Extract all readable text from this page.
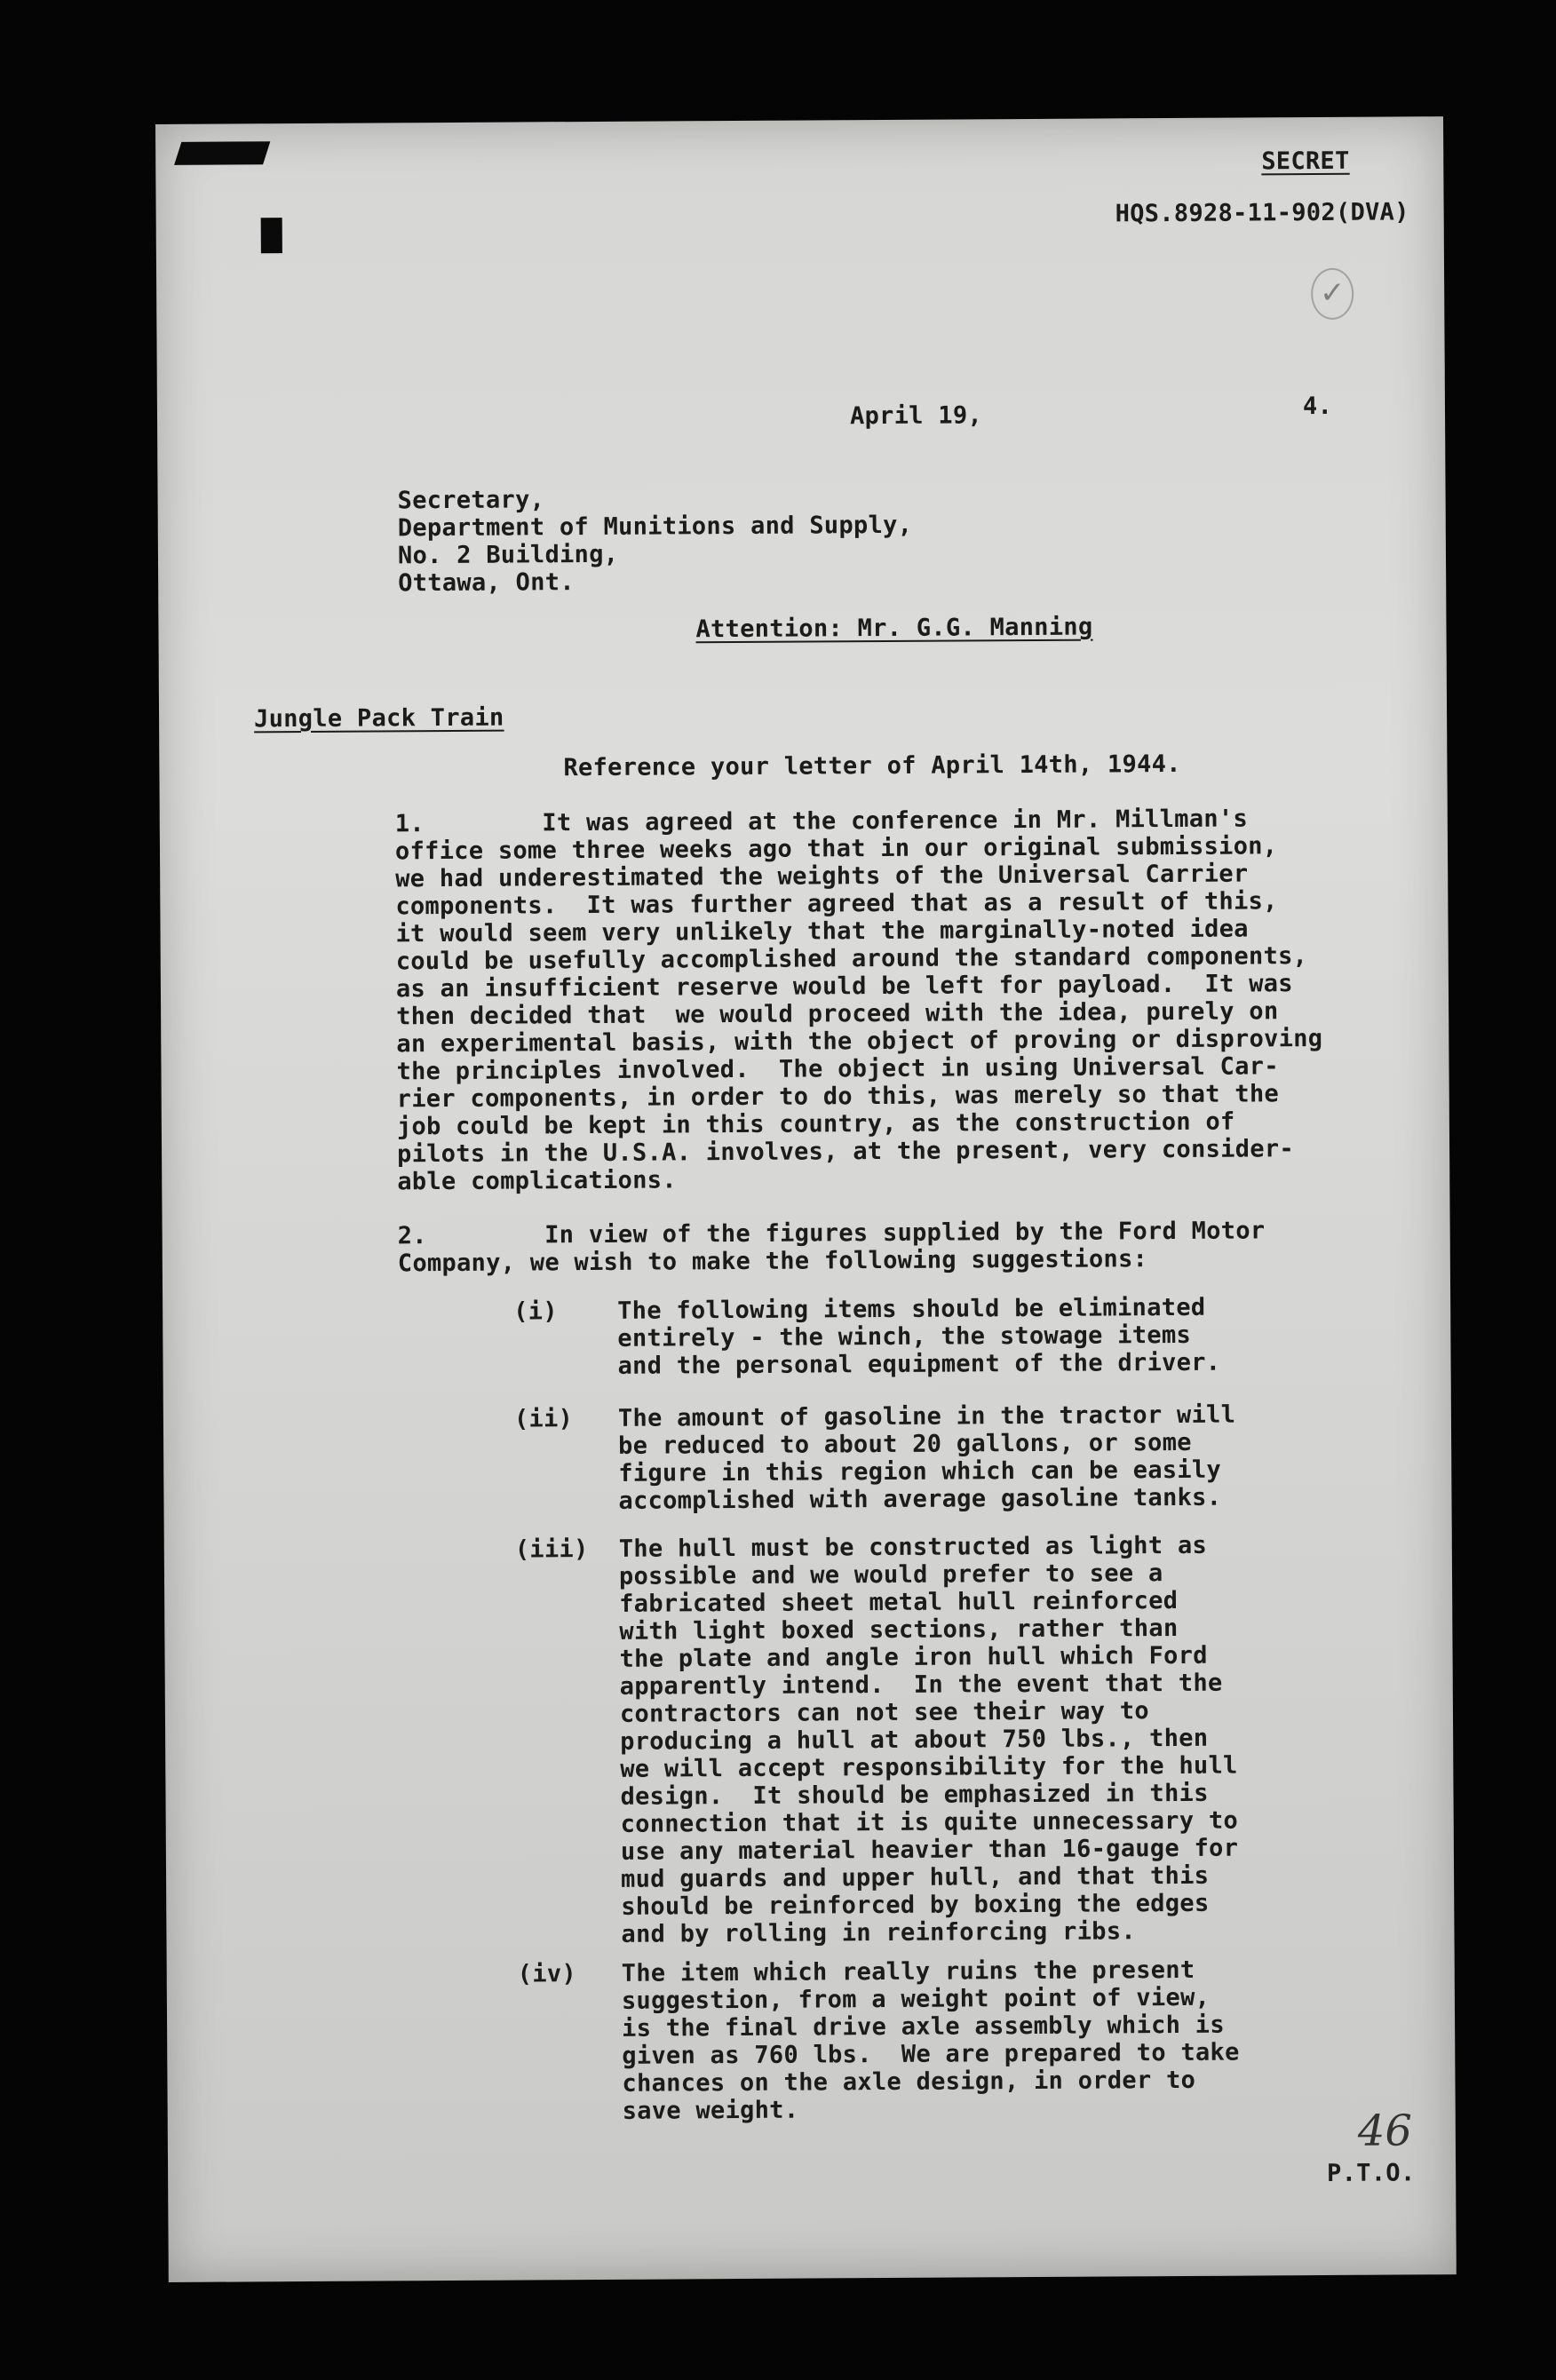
SECRET
HQS.8928-11-902(DVA)
✓
April 19,	4.
Secretary,
Department of Munitions and Supply,
No. 2 Building,
Ottawa, Ont.
Attention: Mr. G.G. Manning
Jungle Pack Train
Reference your letter of April 14th, 1944.
1.        It was agreed at the conference in Mr. Millman's
office some three weeks ago that in our original submission,
we had underestimated the weights of the Universal Carrier
components.  It was further agreed that as a result of this,
it would seem very unlikely that the marginally-noted idea
could be usefully accomplished around the standard components,
as an insufficient reserve would be left for payload.  It was
then decided that  we would proceed with the idea, purely on
an experimental basis, with the object of proving or disproving
the principles involved.  The object in using Universal Car-
rier components, in order to do this, was merely so that the
job could be kept in this country, as the construction of
pilots in the U.S.A. involves, at the present, very consider-
able complications.
2.        In view of the figures supplied by the Ford Motor
Company, we wish to make the following suggestions:
(i) The following items should be eliminated
entirely - the winch, the stowage items
and the personal equipment of the driver.
(ii) The amount of gasoline in the tractor will
be reduced to about 20 gallons, or some
figure in this region which can be easily
accomplished with average gasoline tanks.
(iii) The hull must be constructed as light as
possible and we would prefer to see a
fabricated sheet metal hull reinforced
with light boxed sections, rather than
the plate and angle iron hull which Ford
apparently intend.  In the event that the
contractors can not see their way to
producing a hull at about 750 lbs., then
we will accept responsibility for the hull
design.  It should be emphasized in this
connection that it is quite unnecessary to
use any material heavier than 16-gauge for
mud guards and upper hull, and that this
should be reinforced by boxing the edges
and by rolling in reinforcing ribs.
(iv) The item which really ruins the present
suggestion, from a weight point of view,
is the final drive axle assembly which is
given as 760 lbs.  We are prepared to take
chances on the axle design, in order to
save weight.	46
P.T.O.
